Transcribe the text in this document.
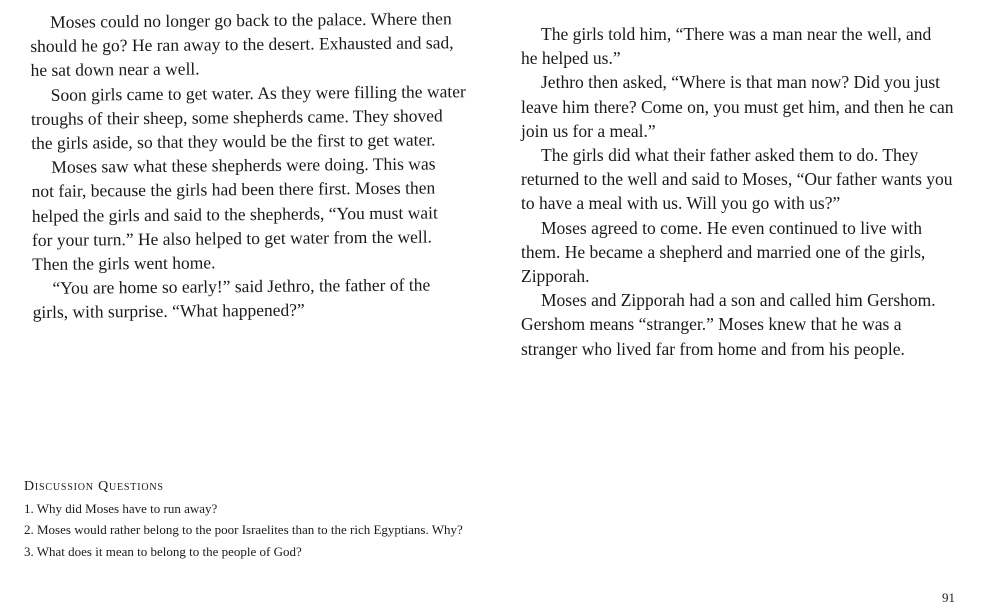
Moses could no longer go back to the palace. Where then
should he go? He ran away to the desert. Exhausted and sad,
he sat down near a well.
Soon girls came to get water. As they were filling the water
troughs of their sheep, some shepherds came. They shoved
the girls aside, so that they would be the first to get water.
Moses saw what these shepherds were doing. This was
not fair, because the girls had been there first. Moses then
helped the girls and said to the shepherds, “You must wait
for your turn.” He also helped to get water from the well.
Then the girls went home.
“You are home so early!” said Jethro, the father of the
girls, with surprise. “What happened?”
The girls told him, “There was a man near the well, and
he helped us.”
Jethro then asked, “Where is that man now? Did you just
leave him there? Come on, you must get him, and then he can
join us for a meal.”
The girls did what their father asked them to do. They
returned to the well and said to Moses, “Our father wants you
to have a meal with us. Will you go with us?”
Moses agreed to come. He even continued to live with
them. He became a shepherd and married one of the girls,
Zipporah.
Moses and Zipporah had a son and called him Gershom.
Gershom means “stranger.” Moses knew that he was a
stranger who lived far from home and from his people.
Discussion Questions
1. Why did Moses have to run away?
2. Moses would rather belong to the poor Israelites than to the rich Egyptians. Why?
3. What does it mean to belong to the people of God?
91
